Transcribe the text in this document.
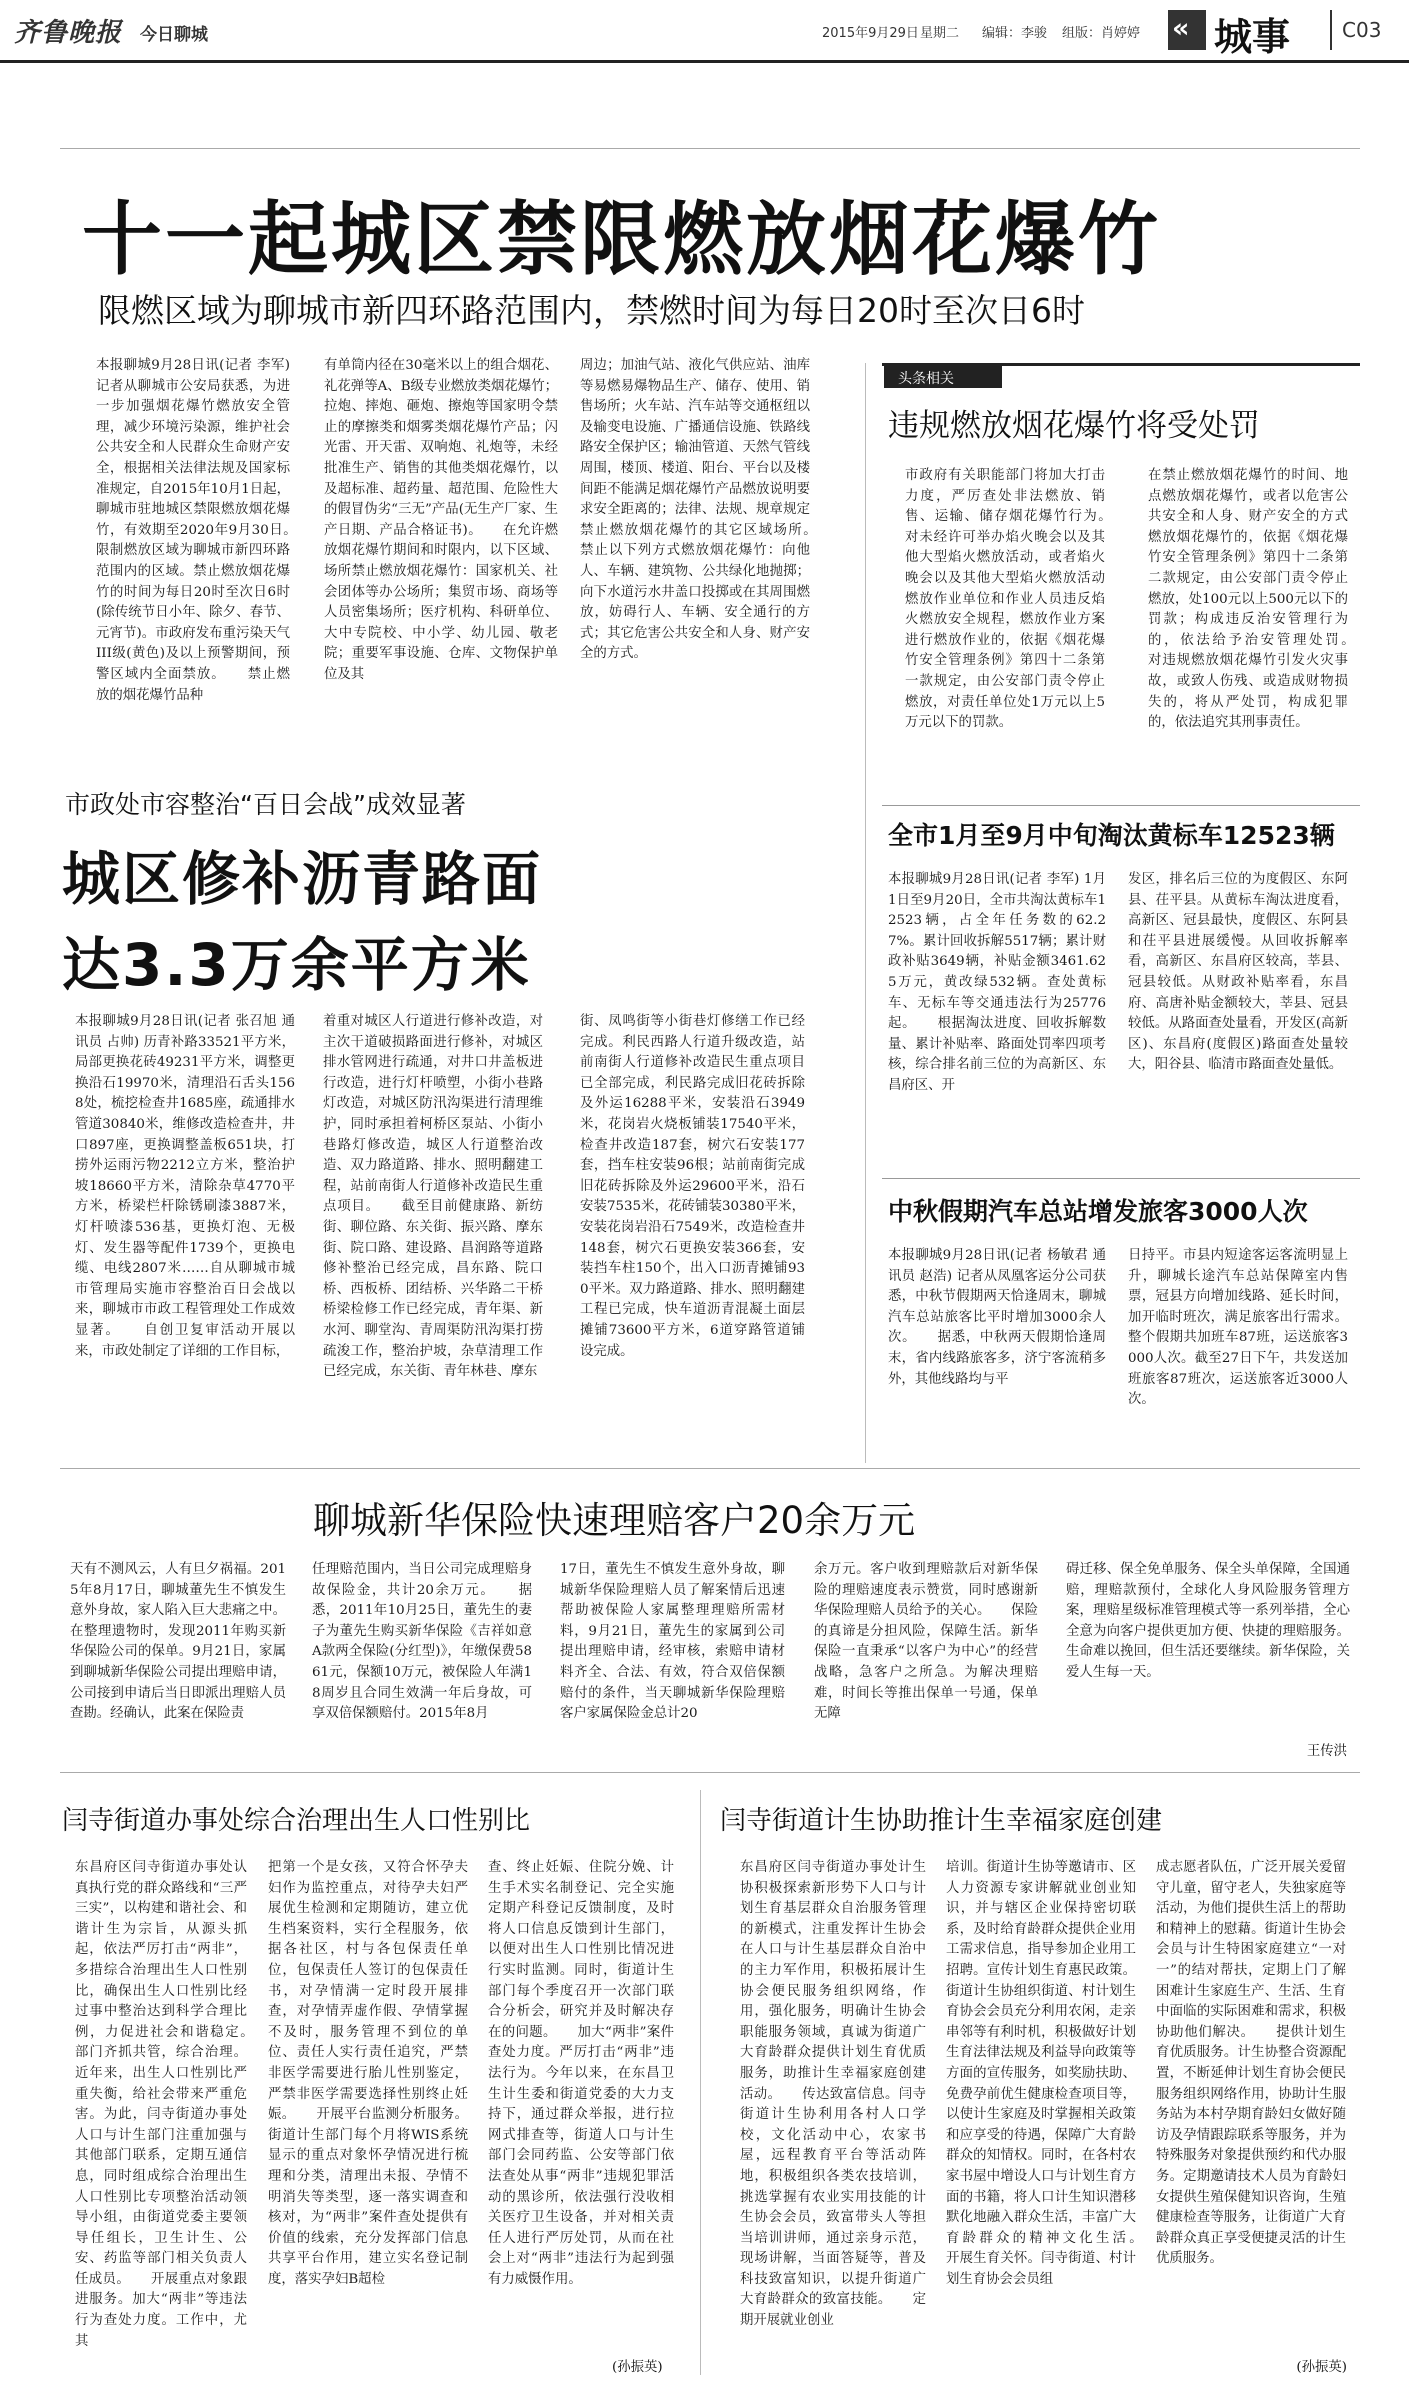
齐鲁晚报 今日聊城	2015年9月29日 星期二 编辑：李骏 组版：肖婷婷 « 城事	C03
十一起城区禁限燃放烟花爆竹

限燃区域为聊城市新四环路范围内，禁燃时间为每日20时至次日6时

本报聊城9月28日讯(记者 李军) 记者从聊城市公安局获悉，为进一步加强烟花爆竹燃放安全管理，减少环境污染源，维护社会公共安全和人民群众生命财产安全，根据相关法律法规及国家标准规定，自2015年10月1日起，聊城市驻地城区禁限燃放烟花爆竹，有效期至2020年9月30日。　　限制燃放区域为聊城市新四环路范围内的区域。禁止燃放烟花爆竹的时间为每日20时至次日6时(除传统节日小年、除夕、春节、元宵节)。市政府发布重污染天气III级(黄色)及以上预警期间，预警区域内全面禁放。　　禁止燃放的烟花爆竹品种

有单筒内径在30毫米以上的组合烟花、礼花弹等A、B级专业燃放类烟花爆竹；拉炮、摔炮、砸炮、擦炮等国家明令禁止的摩擦类和烟雾类烟花爆竹产品；闪光雷、开天雷、双响炮、礼炮等，未经批准生产、销售的其他类烟花爆竹，以及超标准、超药量、超范围、危险性大的假冒伪劣“三无”产品(无生产厂家、生产日期、产品合格证书)。　　在允许燃放烟花爆竹期间和时限内，以下区域、场所禁止燃放烟花爆竹：国家机关、社会团体等办公场所；集贸市场、商场等人员密集场所；医疗机构、科研单位、大中专院校、中小学、幼儿园、敬老院；重要军事设施、仓库、文物保护单位及其

周边；加油气站、液化气供应站、油库等易燃易爆物品生产、储存、使用、销售场所；火车站、汽车站等交通枢纽以及输变电设施、广播通信设施、铁路线路安全保护区；输油管道、天然气管线周围，楼顶、楼道、阳台、平台以及楼间距不能满足烟花爆竹产品燃放说明要求安全距离的；法律、法规、规章规定禁止燃放烟花爆竹的其它区域场所。　　禁止以下列方式燃放烟花爆竹：向他人、车辆、建筑物、公共绿化地抛掷；向下水道污水井盖口投掷或在其周围燃放，妨碍行人、车辆、安全通行的方式；其它危害公共安全和人身、财产安全的方式。

头条相关
违规燃放烟花爆竹将受处罚

市政府有关职能部门将加大打击力度，严厉查处非法燃放、销售、运输、储存烟花爆竹行为。　　对未经许可举办焰火晚会以及其他大型焰火燃放活动，或者焰火晚会以及其他大型焰火燃放活动燃放作业单位和作业人员违反焰火燃放安全规程，燃放作业方案进行燃放作业的，依据《烟花爆竹安全管理条例》第四十二条第一款规定，由公安部门责令停止燃放，对责任单位处1万元以上5万元以下的罚款。

在禁止燃放烟花爆竹的时间、地点燃放烟花爆竹，或者以危害公共安全和人身、财产安全的方式燃放烟花爆竹的，依据《烟花爆竹安全管理条例》第四十二条第二款规定，由公安部门责令停止燃放，处100元以上500元以下的罚款；构成违反治安管理行为的，依法给予治安管理处罚。　　对违规燃放烟花爆竹引发火灾事故，或致人伤残、或造成财物损失的，将从严处罚，构成犯罪的，依法追究其刑事责任。

市政处市容整治“百日会战”成效显著

城区修补沥青路面
达3.3万余平方米

本报聊城9月28日讯(记者 张召旭 通讯员 占帅) 历青补路33521平方米，局部更换花砖49231平方米，调整更换沿石19970米，清理沿石舌头1568处，梳挖检查井1685座，疏通排水管道30840米，维修改造检查井，井口897座，更换调整盖板651块，打捞外运雨污物2212立方米，整治护坡18660平方米，清除杂草4770平方米，桥梁栏杆除锈刷漆3887米，灯杆喷漆536基，更换灯泡、无极灯、发生器等配件1739个，更换电缆、电线2807米……自从聊城市城市管理局实施市容整治百日会战以来，聊城市市政工程管理处工作成效显著。　　自创卫复审活动开展以来，市政处制定了详细的工作目标，

着重对城区人行道进行修补改造，对主次干道破损路面进行修补，对城区排水管网进行疏通，对井口井盖板进行改造，进行灯杆喷塑，小街小巷路灯改造，对城区防汛沟渠进行清理维护，同时承担着柯桥区泵站、小街小巷路灯修改造，城区人行道整治改造、双力路道路、排水、照明翻建工程，站前南街人行道修补改造民生重点项目。　　截至目前健康路、新纺街、聊位路、东关街、振兴路、摩东街、院口路、建设路、昌润路等道路修补整治已经完成，昌东路、院口桥、西板桥、团结桥、兴华路二干桥桥梁检修工作已经完成，青年渠、新水河、聊堂沟、青周渠防汛沟渠打捞疏浚工作，整治护坡，杂草清理工作已经完成，东关街、青年林巷、摩东

街、凤鸣街等小街巷灯修缮工作已经完成。利民西路人行道升级改造，站前南街人行道修补改造民生重点项目已全部完成，利民路完成旧花砖拆除及外运16288平米，安装沿石3949米，花岗岩火烧板铺装17540平米，检查井改造187套，树穴石安装177套，挡车柱安装96根；站前南街完成旧花砖拆除及外运29600平米，沿石安装7535米，花砖铺装30380平米，安装花岗岩沿石7549米，改造检查井148套，树穴石更换安装366套，安装挡车柱150个，出入口沥青摊铺930平米。双力路道路、排水、照明翻建工程已完成，快车道沥青混凝土面层摊铺73600平方米，6道穿路管道铺设完成。

全市1月至9月中旬淘汰黄标车12523辆

本报聊城9月28日讯(记者 李军) 1月1日至9月20日，全市共淘汰黄标车12523辆，占全年任务数的62.27%。累计回收拆解5517辆；累计财政补贴3649辆，补贴金额3461.625万元，黄改绿532辆。查处黄标车、无标车等交通违法行为25776起。　　根据淘汰进度、回收拆解数量、累计补贴率、路面处罚率四项考核，综合排名前三位的为高新区、东昌府区、开

发区，排名后三位的为度假区、东阿县、茌平县。从黄标车淘汰进度看，高新区、冠县最快，度假区、东阿县和茌平县进展缓慢。从回收拆解率看，高新区、东昌府区较高，莘县、冠县较低。从财政补贴率看，东昌府、高唐补贴金额较大，莘县、冠县较低。从路面查处量看，开发区(高新区)、东昌府(度假区)路面查处量较大，阳谷县、临清市路面查处量低。

中秋假期汽车总站增发旅客3000人次

本报聊城9月28日讯(记者 杨敏君 通讯员 赵浩) 记者从凤凰客运分公司获悉，中秋节假期两天恰逢周末，聊城汽车总站旅客比平时增加3000余人次。　　据悉，中秋两天假期恰逢周末，省内线路旅客多，济宁客流稍多外，其他线路均与平

日持平。市县内短途客运客流明显上升，聊城长途汽车总站保障室内售票，冠县方向增加线路、延长时间，加开临时班次，满足旅客出行需求。整个假期共加班车87班，运送旅客3000人次。截至27日下午，共发送加班旅客87班次，运送旅客近3000人次。

聊城新华保险快速理赔客户20余万元

天有不测风云，人有旦夕祸福。2015年8月17日，聊城董先生不慎发生意外身故，家人陷入巨大悲痛之中。在整理遗物时，发现2011年购买新华保险公司的保单。9月21日，家属到聊城新华保险公司提出理赔申请，公司接到申请后当日即派出理赔人员查勘。经确认，此案在保险责

任理赔范围内，当日公司完成理赔身故保险金，共计20余万元。　　据悉，2011年10月25日，董先生的妻子为董先生购买新华保险《吉祥如意A款两全保险(分红型)》，年缴保费5861元，保额10万元，被保险人年满18周岁且合同生效满一年后身故，可享双倍保额赔付。2015年8月

17日，董先生不慎发生意外身故，聊城新华保险理赔人员了解案情后迅速帮助被保险人家属整理理赔所需材料，9月21日，董先生的家属到公司提出理赔申请，经审核，索赔申请材料齐全、合法、有效，符合双倍保额赔付的条件，当天聊城新华保险理赔客户家属保险金总计20

余万元。客户收到理赔款后对新华保险的理赔速度表示赞赏，同时感谢新华保险理赔人员给予的关心。　　保险的真谛是分担风险，保障生活。新华保险一直秉承“以客户为中心”的经营战略，急客户之所急。为解决理赔难，时间长等推出保单一号通，保单无障

碍迁移、保全免单服务、保全头单保障，全国通赔，理赔款预付，全球化人身风险服务管理方案，理赔星级标准管理模式等一系列举措，全心全意为向客户提供更加方便、快捷的理赔服务。生命难以挽回，但生活还要继续。新华保险，关爱人生每一天。

王传洪
闫寺街道办事处综合治理出生人口性别比

东昌府区闫寺街道办事处认真执行党的群众路线和“三严三实”，以构建和谐社会、和谐计生为宗旨，从源头抓起，依法严厉打击“两非”，多措综合治理出生人口性别比，确保出生人口性别比经过事中整治达到科学合理比例，力促进社会和谐稳定。　　部门齐抓共管，综合治理。近年来，出生人口性别比严重失衡，给社会带来严重危害。为此，闫寺街道办事处人口与计生部门注重加强与其他部门联系，定期互通信息，同时组成综合治理出生人口性别比专项整治活动领导小组，由街道党委主要领导任组长，卫生计生、公安、药监等部门相关负责人任成员。　　开展重点对象跟进服务。加大“两非”等违法行为查处力度。工作中，尤其

把第一个是女孩，又符合怀孕夫妇作为监控重点，对待孕夫妇严展优生检测和定期随访，建立优生档案资料，实行全程服务，依据各社区，村与各包保责任单位，包保责任人签订的包保责任书，对孕情满一定时段开展排查，对孕情弄虚作假、孕情掌握不及时，服务管理不到位的单位、责任人实行责任追究，严禁非医学需要进行胎儿性别鉴定，严禁非医学需要选择性别终止妊娠。　　开展平台监测分析服务。街道计生部门每个月将WIS系统显示的重点对象怀孕情况进行梳理和分类，清理出未报、孕情不明消失等类型，逐一落实调查和核对，为“两非”案件查处提供有价值的线索，充分发挥部门信息共享平台作用，建立实名登记制度，落实孕妇B超检

查、终止妊娠、住院分娩、计生手术实名制登记、完全实施定期产科登记反馈制度，及时将人口信息反馈到计生部门，以便对出生人口性别比情况进行实时监测。同时，街道计生部门每个季度召开一次部门联合分析会，研究并及时解决存在的问题。　　加大“两非”案件查处力度。严厉打击“两非”违法行为。今年以来，在东昌卫生计生委和街道党委的大力支持下，通过群众举报，进行拉网式排查等，街道人口与计生部门会同药监、公安等部门依法查处从事“两非”违规犯罪活动的黑诊所，依法强行没收相关医疗卫生设备，并对相关责任人进行严厉处罚，从而在社会上对“两非”违法行为起到强有力威慑作用。

(孙振英)
闫寺街道计生协助推计生幸福家庭创建

东昌府区闫寺街道办事处计生协积极探索新形势下人口与计划生育基层群众自治服务管理的新模式，注重发挥计生协会在人口与计生基层群众自治中的主力军作用，积极拓展计生协会便民服务组织网络，作用，强化服务，明确计生协会职能服务领域，真诚为街道广大育龄群众提供计划生育优质服务，助推计生幸福家庭创建活动。　　传达致富信息。闫寺街道计生协利用各村人口学校，文化活动中心，农家书屋，远程教育平台等活动阵地，积极组织各类农技培训，挑选掌握有农业实用技能的计生协会会员，致富带头人等担当培训讲师，通过亲身示范，现场讲解，当面答疑等，普及科技致富知识，以提升街道广大育龄群众的致富技能。　　定期开展就业创业

培训。街道计生协等邀请市、区人力资源专家讲解就业创业知识，并与辖区企业保持密切联系，及时给育龄群众提供企业用工需求信息，指导参加企业用工招聘。宣传计划生育惠民政策。街道计生协组织街道、村计划生育协会会员充分利用农闲，走亲串邻等有利时机，积极做好计划生育法律法规及利益导向政策等方面的宣传服务，如奖励扶助、免费孕前优生健康检查项目等，以使计生家庭及时掌握相关政策和应享受的待遇，保障广大育龄群众的知情权。同时，在各村农家书屋中增设人口与计划生育方面的书籍，将人口计生知识潜移默化地融入群众生活，丰富广大育龄群众的精神文化生活。　　开展生育关怀。闫寺街道、村计划生育协会会员组

成志愿者队伍，广泛开展关爱留守儿童，留守老人，失独家庭等活动，为他们提供生活上的帮助和精神上的慰藉。街道计生协会会员与计生特困家庭建立“一对一”的结对帮扶，定期上门了解困难计生家庭生产、生活、生育中面临的实际困难和需求，积极协助他们解决。　　提供计划生育优质服务。计生协整合资源配置，不断延伸计划生育协会便民服务组织网络作用，协助计生服务站为本村孕期育龄妇女做好随访及孕情跟踪联系等服务，并为特殊服务对象提供预约和代办服务。定期邀请技术人员为育龄妇女提供生殖保健知识咨询，生殖健康检查等服务，让街道广大育龄群众真正享受便捷灵活的计生优质服务。

(孙振英)
